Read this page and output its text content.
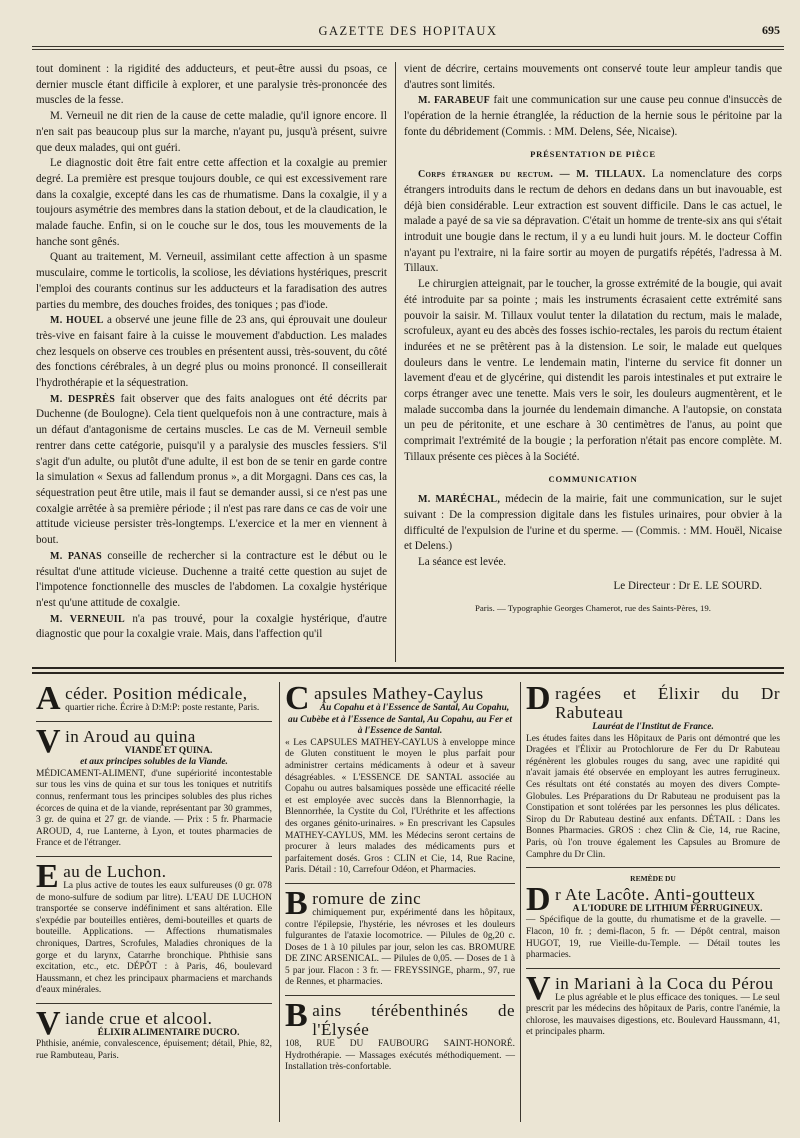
GAZETTE DES HOPITAUX	695

tout dominent : la rigidité des adducteurs, et peut-être aussi du psoas, ce dernier muscle étant difficile à explorer, et une paralysie très-prononcée des muscles de la fesse.

M. Verneuil ne dit rien de la cause de cette maladie, qu'il ignore encore. Il n'en sait pas beaucoup plus sur la marche, n'ayant pu, jusqu'à présent, suivre que deux malades, qui ont guéri.

Le diagnostic doit être fait entre cette affection et la coxalgie au premier degré. La première est presque toujours double, ce qui est excessivement rare dans la coxalgie, excepté dans les cas de rhumatisme. Dans la coxalgie, il y a toujours asymétrie des membres dans la station debout, et de la claudication, le malade fauche. Enfin, si on le couche sur le dos, tous les mouvements de la hanche sont gênés.

Quant au traitement, M. Verneuil, assimilant cette affection à un spasme musculaire, comme le torticolis, la scoliose, les déviations hystériques, prescrit l'emploi des courants continus sur les adducteurs et la faradisation des autres parties du membre, des douches froides, des toniques ; pas d'iode.

M. HOUEL a observé une jeune fille de 23 ans, qui éprouvait une douleur très-vive en faisant faire à la cuisse le mouvement d'abduction. Les malades chez lesquels on observe ces troubles en présentent aussi, très-souvent, du côté des fonctions cérébrales, à un degré plus ou moins prononcé. Il conseillerait l'hydrothérapie et la séquestration.

M. DESPRÈS fait observer que des faits analogues ont été décrits par Duchenne (de Boulogne). Cela tient quelquefois non à une contracture, mais à un défaut d'antagonisme de certains muscles. Le cas de M. Verneuil semble rentrer dans cette catégorie, puisqu'il y a paralysie des muscles fessiers. S'il s'agit d'un adulte, ou plutôt d'une adulte, il est bon de se tenir en garde contre la simulation « Sexus ad fallendum pronus », a dit Morgagni. Dans ces cas, la séquestration peut être utile, mais il faut se demander aussi, si ce n'est pas une coxalgie arrêtée à sa première période ; il n'est pas rare dans ce cas de voir une attitude vicieuse persister très-longtemps. L'exercice et la mer en viennent à bout.

M. PANAS conseille de rechercher si la contracture est le début ou le résultat d'une attitude vicieuse. Duchenne a traité cette question au sujet de l'impotence fonctionnelle des muscles de l'abdomen. La coxalgie hystérique n'est qu'une attitude de coxalgie.

M. VERNEUIL n'a pas trouvé, pour la coxalgie hystérique, d'autre diagnostic que pour la coxalgie vraie. Mais, dans l'affection qu'il

vient de décrire, certains mouvements ont conservé toute leur ampleur tandis que d'autres sont limités.

M. FARABEUF fait une communication sur une cause peu connue d'insuccès de l'opération de la hernie étranglée, la réduction de la hernie sous le péritoine par la fonte du débridement (Commis. : MM. Delens, Sée, Nicaise).

PRÉSENTATION DE PIÈCE

Corps étranger du rectum. — M. TILLAUX. La nomenclature des corps étrangers introduits dans le rectum de dehors en dedans dans un but inavouable, est déjà bien considérable. Leur extraction est souvent difficile. Dans le cas actuel, le malade a payé de sa vie sa dépravation. C'était un homme de trente-six ans qui s'était introduit une bougie dans le rectum, il y a eu lundi huit jours. M. le docteur Coffin n'ayant pu l'extraire, ni la faire sortir au moyen de purgatifs répétés, l'adressa à M. Tillaux.

Le chirurgien atteignait, par le toucher, la grosse extrémité de la bougie, qui avait été introduite par sa pointe ; mais les instruments écrasaient cette extrémité sans pouvoir la saisir. M. Tillaux voulut tenter la dilatation du rectum, mais le malade, scrofuleux, ayant eu des abcès des fosses ischio-rectales, les parois du rectum étaient indurées et ne se prêtèrent pas à la distension. Le soir, le malade eut quelques douleurs dans le ventre. Le lendemain matin, l'interne du service fit donner un lavement d'eau et de glycérine, qui distendit les parois intestinales et put extraire le corps étranger avec une tenette. Mais vers le soir, les douleurs augmentèrent, et le malade succomba dans la journée du lendemain dimanche. A l'autopsie, on constata un peu de péritonite, et une eschare à 30 centimètres de l'anus, au point que comprimait l'extrémité de la bougie ; la perforation n'était pas encore complète. M. Tillaux présente ces pièces à la Société.

COMMUNICATION

M. MARÉCHAL, médecin de la mairie, fait une communication, sur le sujet suivant : De la compression digitale dans les fistules urinaires, pour obvier à la difficulté de l'expulsion de l'urine et du sperme. — (Commis. : MM. Houël, Nicaise et Delens.)

La séance est levée.

Le Directeur : Dr E. LE SOURD.
Paris. — Typographie Georges Chamerot, rue des Saints-Pères, 19.
Acéder. Position médicale,

quartier riche. Écrire à D:M:P: poste restante, Paris.

Vin Aroud au quina
VIANDE ET QUINA.
et aux principes solubles de la Viande.

MÉDICAMENT-ALIMENT, d'une supériorité incontestable sur tous les vins de quina et sur tous les toniques et nutritifs connus, renfermant tous les principes solubles des plus riches écorces de quina et de la viande, représentant par 30 grammes, 3 gr. de quina et 27 gr. de viande. — Prix : 5 fr. Pharmacie AROUD, 4, rue Lanterne, à Lyon, et toutes pharmacies de France et de l'étranger.

Eau de Luchon.

La plus active de toutes les eaux sulfureuses (0 gr. 078 de mono-sulfure de sodium par litre). L'EAU DE LUCHON transportée se conserve indéfiniment et sans altération. Elle s'expédie par bouteilles entières, demi-bouteilles et quarts de bouteille. Applications. — Affections rhumatismales chroniques, Dartres, Scrofules, Maladies chroniques de la gorge et du larynx, Catarrhe bronchique. Phthisie sans excitation, etc., etc. DÉPÔT : à Paris, 46, boulevard Haussmann, et chez les principaux pharmaciens et marchands d'eaux minérales.

Viande crue et alcool.
ÉLIXIR ALIMENTAIRE DUCRO.

Phthisie, anémie, convalescence, épuisement; détail, Phie, 82, rue Rambuteau, Paris.

Capsules Mathey-Caylus
Au Copahu et à l'Essence de Santal, Au Copahu, au Cubèbe et à l'Essence de Santal, Au Copahu, au Fer et à l'Essence de Santal.

« Les CAPSULES MATHEY-CAYLUS à enveloppe mince de Gluten constituent le moyen le plus parfait pour administrer certains médicaments à odeur et à saveur désagréables. « L'ESSENCE DE SANTAL associée au Copahu ou autres balsamiques possède une efficacité réelle et est employée avec succès dans la Blennorrhagie, la Blennorrhée, la Cystite du Col, l'Uréthrite et les affections des organes génito-urinaires. » En prescrivant les Capsules MATHEY-CAYLUS, MM. les Médecins seront certains de procurer à leurs malades des médicaments purs et parfaitement dosés. Gros : CLIN et Cie, 14, Rue Racine, Paris. Détail : 10, Carrefour Odéon, et Pharmacies.

Bromure de zinc

chimiquement pur, expérimenté dans les hôpitaux, contre l'épilepsie, l'hystérie, les névroses et les douleurs fulgurantes de l'ataxie locomotrice. — Pilules de 0g,20 c. Doses de 1 à 10 pilules par jour, selon les cas. BROMURE DE ZINC ARSENICAL. — Pilules de 0,05. — Doses de 1 à 5 par jour. Flacon : 3 fr. — FREYSSINGE, pharm., 97, rue de Rennes, et pharmacies.

Bains térébenthinés de l'Élysée

108, RUE DU FAUBOURG SAINT-HONORÉ. Hydrothérapie. — Massages exécutés méthodiquement. — Installation très-confortable.

Dragées et Élixir du Dr Rabuteau
Lauréat de l'Institut de France.

Les études faites dans les Hôpitaux de Paris ont démontré que les Dragées et l'Élixir au Protochlorure de Fer du Dr Rabuteau régénèrent les globules rouges du sang, avec une rapidité qui n'avait jamais été observée en employant les autres ferrugineux. Ces résultats ont été constatés au moyen des divers Compte-Globules. Les Préparations du Dr Rabuteau ne produisent pas la Constipation et sont tolérées par les personnes les plus délicates. Sirop du Dr Rabuteau destiné aux enfants. DÉTAIL : Dans les Bonnes Pharmacies. GROS : chez Clin & Cie, 14, rue Racine, Paris, où l'on trouve également les Capsules au Bromure de Camphre du Dr Clin.

REMÈDE DU
Dr Ate Lacôte. Anti-goutteux
A L'IODURE DE LITHIUM FERRUGINEUX.

— Spécifique de la goutte, du rhumatisme et de la gravelle. — Flacon, 10 fr. ; demi-flacon, 5 fr. — Dépôt central, maison HUGOT, 19, rue Vieille-du-Temple. — Détail toutes les pharmacies.

Vin Mariani à la Coca du Pérou

Le plus agréable et le plus efficace des toniques. — Le seul prescrit par les médecins des hôpitaux de Paris, contre l'anémie, la chlorose, les mauvaises digestions, etc. Boulevard Haussmann, 41, et principales pharm.
